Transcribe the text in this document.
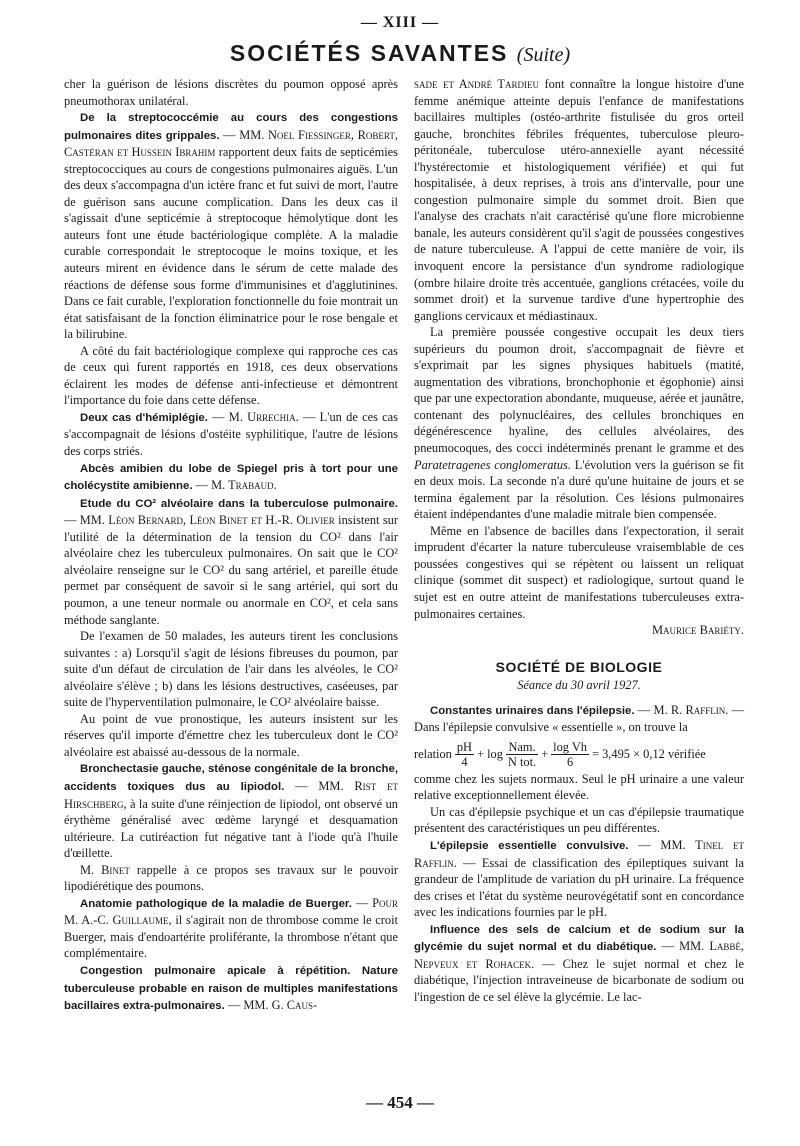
— XIII —
SOCIÉTÉS SAVANTES (Suite)

cher la guérison de lésions discrètes du poumon opposé après pneumothorax unilatéral.

De la streptococcémie au cours des congestions pulmonaires dites grippales. — MM. Noel Fiessinger, Robert, Castéran et Hussein Ibrahim rapportent deux faits de septicémies streptococciques au cours de congestions pulmonaires aiguës. L'un des deux s'accompagna d'un ictère franc et fut suivi de mort, l'autre de guérison sans aucune complication. Dans les deux cas il s'agissait d'une septicémie à streptocoque hémolytique dont les auteurs font une étude bactériologique complète. A la maladie curable correspondait le streptocoque le moins toxique, et les auteurs mirent en évidence dans le sérum de cette malade des réactions de défense sous forme d'immunisines et d'agglutinines. Dans ce fait curable, l'exploration fonctionnelle du foie montrait un état satisfaisant de la fonction éliminatrice pour le rose bengale et la bilirubine.

A côté du fait bactériologique complexe qui rapproche ces cas de ceux qui furent rapportés en 1918, ces deux observations éclairent les modes de défense anti-infectieuse et démontrent l'importance du foie dans cette défense.

Deux cas d'hémiplégie. — M. Urrechia. — L'un de ces cas s'accompagnait de lésions d'ostéite syphilitique, l'autre de lésions des corps striés.

Abcès amibien du lobe de Spiegel pris à tort pour une cholécystite amibienne. — M. Trabaud.

Etude du CO² alvéolaire dans la tuberculose pulmonaire. — MM. Léon Bernard, Léon Binet et H.-R. Olivier insistent sur l'utilité de la détermination de la tension du CO² dans l'air alvéolaire chez les tuberculeux pulmonaires. On sait que le CO² alvéolaire renseigne sur le CO² du sang artériel, et pareille étude permet par conséquent de savoir si le sang artériel, qui sort du poumon, a une teneur normale ou anormale en CO², et cela sans méthode sanglante.

De l'examen de 50 malades, les auteurs tirent les conclusions suivantes : a) Lorsqu'il s'agit de lésions fibreuses du poumon, par suite d'un défaut de circulation de l'air dans les alvéoles, le CO² alvéolaire s'élève ; b) dans les lésions destructives, caséeuses, par suite de l'hyperventilation pulmonaire, le CO² alvéolaire baisse.

Au point de vue pronostique, les auteurs insistent sur les réserves qu'il importe d'émettre chez les tuberculeux dont le CO² alvéolaire est abaissé au-dessous de la normale.

Bronchectasie gauche, sténose congénitale de la bronche, accidents toxiques dus au lipiodol. — MM. Rist et Hirschberg, à la suite d'une réinjection de lipiodol, ont observé un érythème généralisé avec œdème laryngé et desquamation ultérieure. La cutiréaction fut négative tant à l'iode qu'à l'huile d'œillette.

M. Binet rappelle à ce propos ses travaux sur le pouvoir lipodiérétique des poumons.

Anatomie pathologique de la maladie de Buerger. — Pour M. A.-C. Guillaume, il s'agirait non de thrombose comme le croit Buerger, mais d'endoartérite proliférante, la thrombose n'étant que complémentaire.

Congestion pulmonaire apicale à répétition. Nature tuberculeuse probable en raison de multiples manifestations bacillaires extra-pulmonaires. — MM. G. Caus-

sade et André Tardieu font connaître la longue histoire d'une femme anémique atteinte depuis l'enfance de manifestations bacillaires multiples (ostéo-arthrite fistulisée du gros orteil gauche, bronchites fébriles fréquentes, tuberculose pleuro-péritonéale, tuberculose utéro-annexielle ayant nécessité l'hystérectomie et histologiquement vérifiée) et qui fut hospitalisée, à deux reprises, à trois ans d'intervalle, pour une congestion pulmonaire simple du sommet droit. Bien que l'analyse des crachats n'ait caractérisé qu'une flore microbienne banale, les auteurs considèrent qu'il s'agit de poussées congestives de nature tuberculeuse. A l'appui de cette manière de voir, ils invoquent encore la persistance d'un syndrome radiologique (ombre hilaire droite très accentuée, ganglions crétacées, voile du sommet droit) et la survenue tardive d'une hypertrophie des ganglions cervicaux et médiastinaux.

La première poussée congestive occupait les deux tiers supérieurs du poumon droit, s'accompagnait de fièvre et s'exprimait par les signes physiques habituels (matité, augmentation des vibrations, bronchophonie et égophonie) ainsi que par une expectoration abondante, muqueuse, aérée et jaunâtre, contenant des polynucléaires, des cellules bronchiques en dégénérescence hyaline, des cellules alvéolaires, des pneumocoques, des cocci indéterminés prenant le gramme et des Paratetragenes conglomeratus. L'évolution vers la guérison se fit en deux mois. La seconde n'a duré qu'une huitaine de jours et se termina également par la résolution. Ces lésions pulmonaires étaient indépendantes d'une maladie mitrale bien compensée.

Même en l'absence de bacilles dans l'expectoration, il serait imprudent d'écarter la nature tuberculeuse vraisemblable de ces poussées congestives qui se répètent ou laissent un reliquat clinique (sommet dit suspect) et radiologique, surtout quand le sujet est en outre atteint de manifestations tuberculeuses extra-pulmonaires certaines.

Maurice Bariéty.
SOCIÉTÉ DE BIOLOGIE
Séance du 30 avril 1927.

Constantes urinaires dans l'épilepsie. — M. R. Rafflin. — Dans l'épilepsie convulsive « essentielle », on trouve la

relation $\frac{pH}{4} + \log \frac{\text{Nam.}}{\text{N tot.}} + \frac{\text{log Vh}}{6} = 3,495 \times 0,12$ vérifiée

comme chez les sujets normaux. Seul le pH urinaire a une valeur relative exceptionnellement élevée.

Un cas d'épilepsie psychique et un cas d'épilepsie traumatique présentent des caractéristiques un peu différentes.

L'épilepsie essentielle convulsive. — MM. Tinel et Rafflin. — Essai de classification des épileptiques suivant la grandeur de l'amplitude de variation du pH urinaire. La fréquence des crises et l'état du système neurovégétatif sont en concordance avec les indications fournies par le pH.

Influence des sels de calcium et de sodium sur la glycémie du sujet normal et du diabétique. — MM. Labbé, Nepveux et Rohacek. — Chez le sujet normal et chez le diabétique, l'injection intraveineuse de bicarbonate de sodium ou l'ingestion de ce sel élève la glycémie. Le lac-

— 454 —
